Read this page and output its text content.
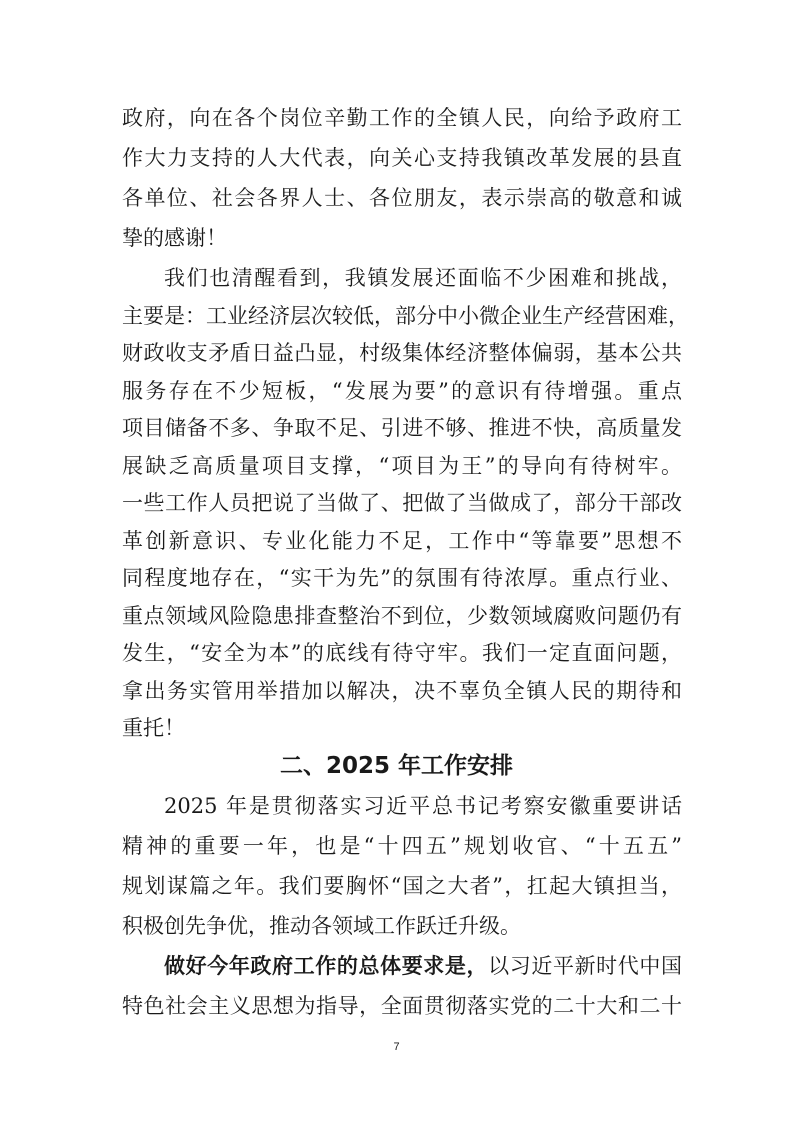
政府，向在各个岗位辛勤工作的全镇人民，向给予政府工
作大力支持的人大代表，向关心支持我镇改革发展的县直
各单位、社会各界人士、各位朋友，表示崇高的敬意和诚
挚的感谢！
二、2025 年工作安排
2025 年是贯彻落实习近平总书记考察安徽重要讲话
精神的重要一年，也是“十四五”规划收官、“十五五”
规划谋篇之年。我们要胸怀“国之大者”，扛起大镇担当，
积极创先争优，推动各领域工作跃迁升级。
做好今年政府工作的总体要求是，以习近平新时代中国
特色社会主义思想为指导，全面贯彻落实党的二十大和二十
7
我们也清醒看到，我镇发展还面临不少困难和挑战，
主要是：工业经济层次较低，部分中小微企业生产经营困难，
财政收支矛盾日益凸显，村级集体经济整体偏弱，基本公共
服务存在不少短板，“发展为要”的意识有待增强。重点
项目储备不多、争取不足、引进不够、推进不快，高质量发
展缺乏高质量项目支撑，“项目为王”的导向有待树牢。
一些工作人员把说了当做了、把做了当做成了，部分干部改
革创新意识、专业化能力不足，工作中“等靠要”思想不
同程度地存在，“实干为先”的氛围有待浓厚。重点行业、
重点领域风险隐患排查整治不到位，少数领域腐败问题仍有
发生，“安全为本”的底线有待守牢。我们一定直面问题，
拿出务实管用举措加以解决，决不辜负全镇人民的期待和
重托！
